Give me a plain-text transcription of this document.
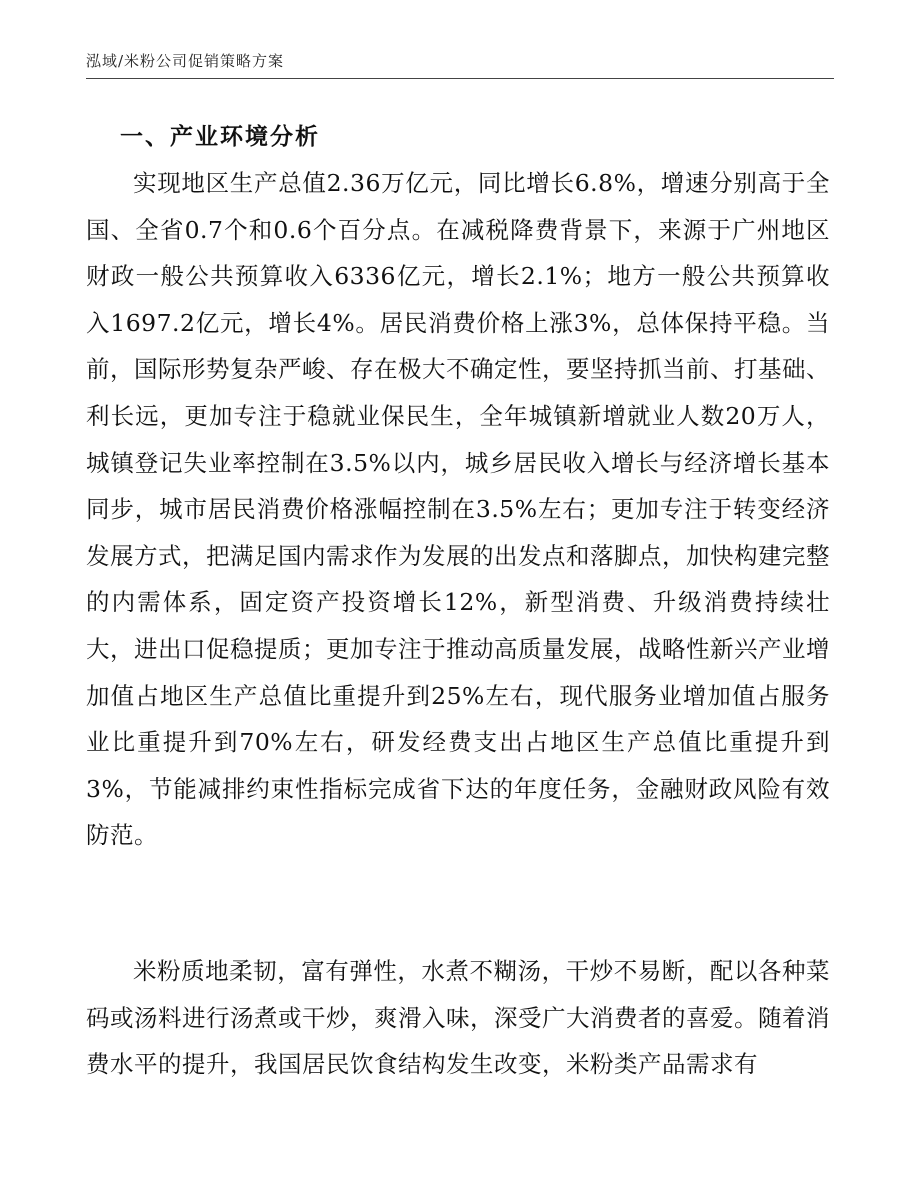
泓域/米粉公司促销策略方案
一、产业环境分析

实现地区生产总值2.36万亿元，同比增长6.8%，增速分别高于全国、全省0.7个和0.6个百分点。在减税降费背景下，来源于广州地区财政一般公共预算收入6336亿元，增长2.1%；地方一般公共预算收入1697.2亿元，增长4%。居民消费价格上涨3%，总体保持平稳。当前，国际形势复杂严峻、存在极大不确定性，要坚持抓当前、打基础、利长远，更加专注于稳就业保民生，全年城镇新增就业人数20万人，城镇登记失业率控制在3.5%以内，城乡居民收入增长与经济增长基本同步，城市居民消费价格涨幅控制在3.5%左右；更加专注于转变经济发展方式，把满足国内需求作为发展的出发点和落脚点，加快构建完整的内需体系，固定资产投资增长12%，新型消费、升级消费持续壮大，进出口促稳提质；更加专注于推动高质量发展，战略性新兴产业增加值占地区生产总值比重提升到25%左右，现代服务业增加值占服务业比重提升到70%左右，研发经费支出占地区生产总值比重提升到3%，节能减排约束性指标完成省下达的年度任务，金融财政风险有效防范。

米粉质地柔韧，富有弹性，水煮不糊汤，干炒不易断，配以各种菜码或汤料进行汤煮或干炒，爽滑入味，深受广大消费者的喜爱。随着消费水平的提升，我国居民饮食结构发生改变，米粉类产品需求有
